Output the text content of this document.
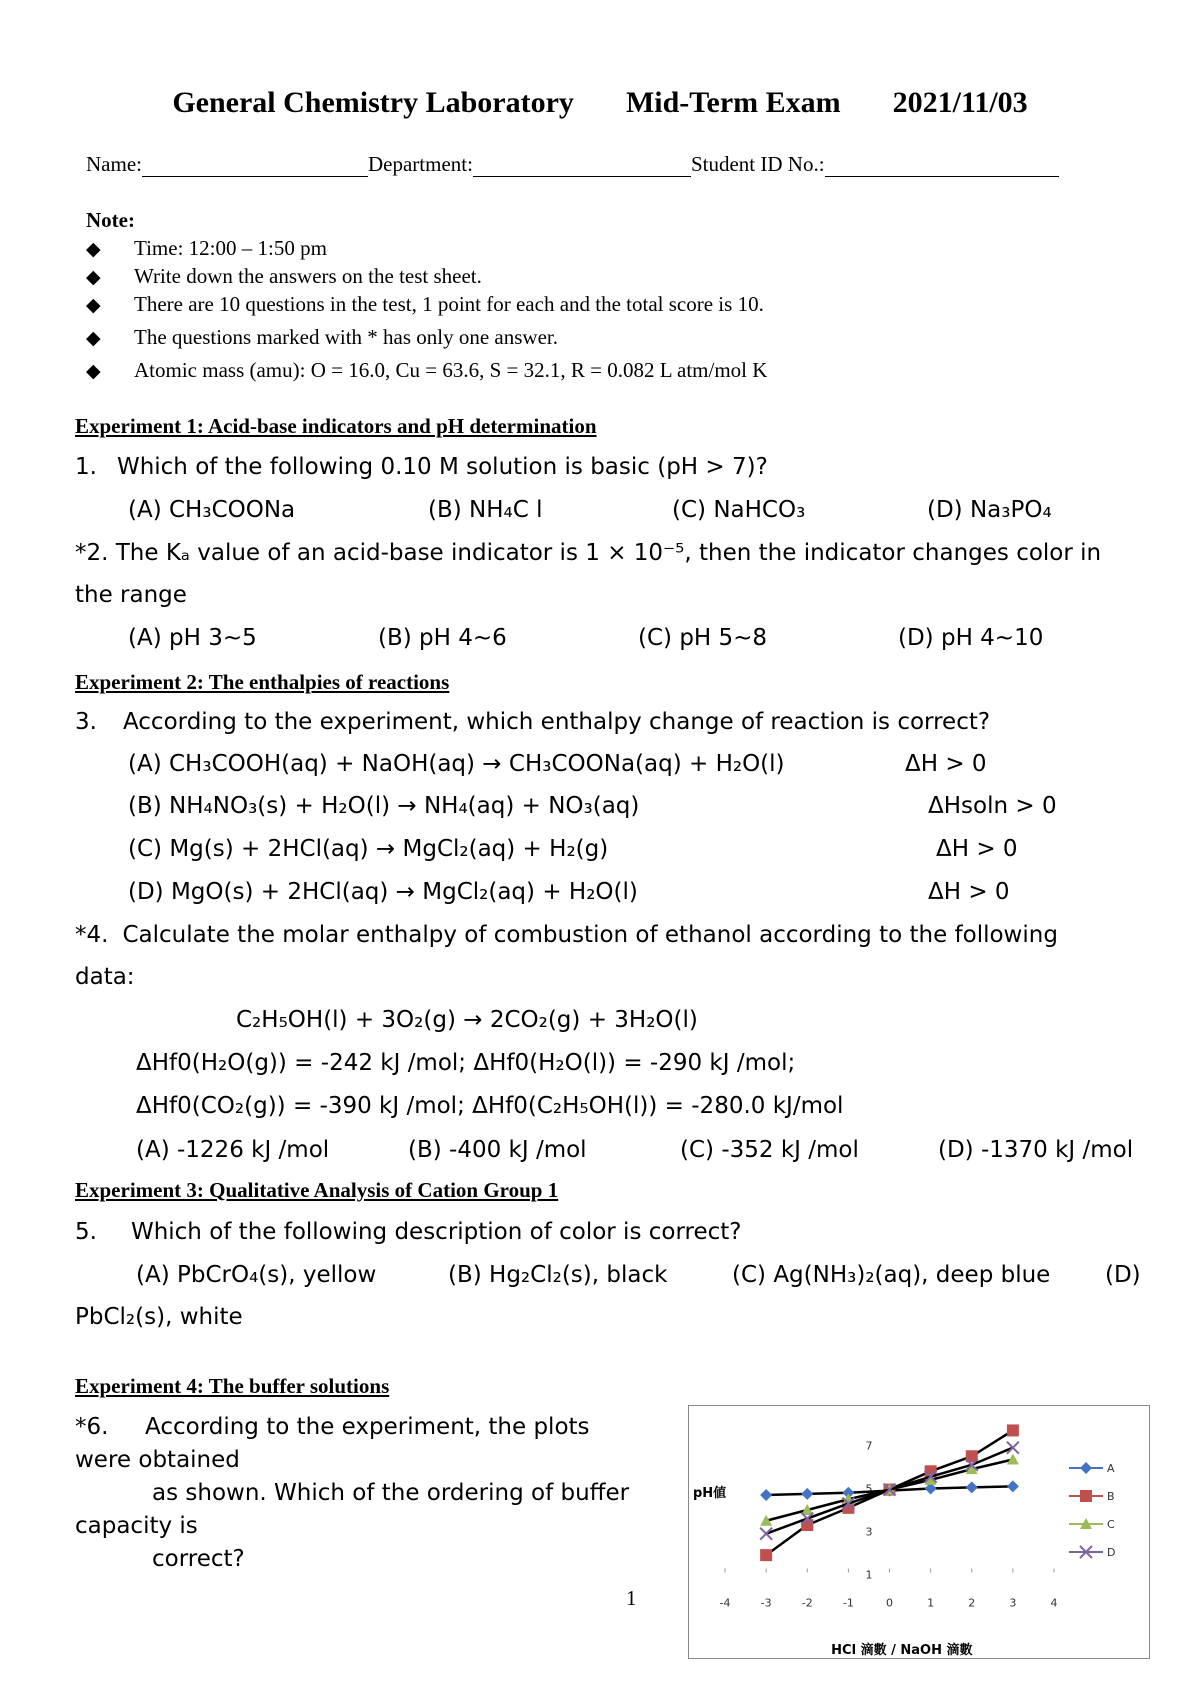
General Chemistry Laboratory Mid-Term Exam 2021/11/03
Name:	Department:	Student ID No.:
Note:
◆ Time: 12:00 – 1:50 pm
◆ Write down the answers on the test sheet.
◆ There are 10 questions in the test, 1 point for each and the total score is 10.
◆ The questions marked with * has only one answer.
◆ Atomic mass (amu): O = 16.0, Cu = 63.6, S = 32.1, R = 0.082 L atm/mol K
Experiment 1: Acid-base indicators and pH determination
1. Which of the following 0.10 M solution is basic (pH > 7)?
(A) CH₃COONa	(B) NH₄C l	(C) NaHCO₃	(D) Na₃PO₄
*2. The Kₐ value of an acid-base indicator is 1 × 10⁻⁵, then the indicator changes color in
the range
(A) pH 3~5	(B) pH 4~6	(C) pH 5~8	(D) pH 4~10
Experiment 2: The enthalpies of reactions
3. According to the experiment, which enthalpy change of reaction is correct?
(A) CH₃COOH(aq) + NaOH(aq) → CH₃COONa(aq) + H₂O(l)	ΔH > 0
(B) NH₄NO₃(s) + H₂O(l) → NH₄(aq) + NO₃(aq)	ΔHsoln > 0
(C) Mg(s) + 2HCl(aq) → MgCl₂(aq) + H₂(g)	ΔH > 0
(D) MgO(s) + 2HCl(aq) → MgCl₂(aq) + H₂O(l)	ΔH > 0
*4. Calculate the molar enthalpy of combustion of ethanol according to the following
data:
C₂H₅OH(l) + 3O₂(g) → 2CO₂(g) + 3H₂O(l)
ΔHf0(H₂O(g)) = -242 kJ /mol; ΔHf0(H₂O(l)) = -290 kJ /mol;
ΔHf0(CO₂(g)) = -390 kJ /mol; ΔHf0(C₂H₅OH(l)) = -280.0 kJ/mol
(A) -1226 kJ /mol	(B) -400 kJ /mol	(C) -352 kJ /mol	(D) -1370 kJ /mol
Experiment 3: Qualitative Analysis of Cation Group 1
5. Which of the following description of color is correct?
(A) PbCrO₄(s), yellow	(B) Hg₂Cl₂(s), black	(C) Ag(NH₃)₂(aq), deep blue (D)
PbCl₂(s), white
Experiment 4: The buffer solutions
*6.     According to the experiment, the plots
were obtained
as shown. Which of the ordering of buffer
capacity is
correct?
1	-4	-3	-2	-1	0	1	2	3	4
1
3
5
7
pH値
HCl 滴數 / NaOH 滴數
A
B
C
D
